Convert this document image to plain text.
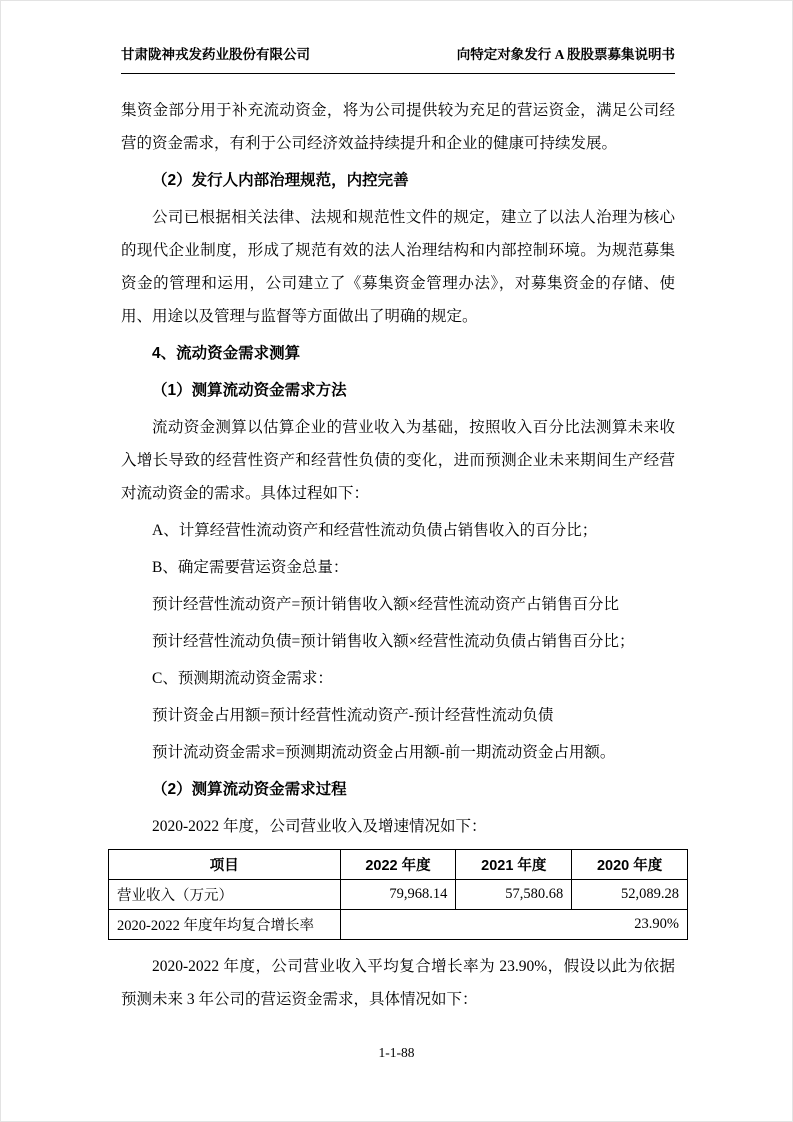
甘肃陇神戎发药业股份有限公司	向特定对象发行 A 股股票募集说明书

集资金部分用于补充流动资金，将为公司提供较为充足的营运资金，满足公司经营的资金需求，有利于公司经济效益持续提升和企业的健康可持续发展。

（2）发行人内部治理规范，内控完善

公司已根据相关法律、法规和规范性文件的规定，建立了以法人治理为核心的现代企业制度，形成了规范有效的法人治理结构和内部控制环境。为规范募集资金的管理和运用，公司建立了《募集资金管理办法》，对募集资金的存储、使用、用途以及管理与监督等方面做出了明确的规定。

4、流动资金需求测算
（1）测算流动资金需求方法

流动资金测算以估算企业的营业收入为基础，按照收入百分比法测算未来收入增长导致的经营性资产和经营性负债的变化，进而预测企业未来期间生产经营对流动资金的需求。具体过程如下：

A、计算经营性流动资产和经营性流动负债占销售收入的百分比；

B、确定需要营运资金总量：

预计经营性流动资产=预计销售收入额×经营性流动资产占销售百分比

预计经营性流动负债=预计销售收入额×经营性流动负债占销售百分比；

C、预测期流动资金需求：

预计资金占用额=预计经营性流动资产-预计经营性流动负债

预计流动资金需求=预测期流动资金占用额-前一期流动资金占用额。

（2）测算流动资金需求过程

2020-2022 年度，公司营业收入及增速情况如下：

项目	2022 年度	2021 年度	2020 年度
营业收入（万元）	79,968.14	57,580.68	52,089.28
2020-2022 年度年均复合增长率	23.90%		

2020-2022 年度，公司营业收入平均复合增长率为 23.90%，假设以此为依据预测未来 3 年公司的营运资金需求，具体情况如下：

1-1-88
